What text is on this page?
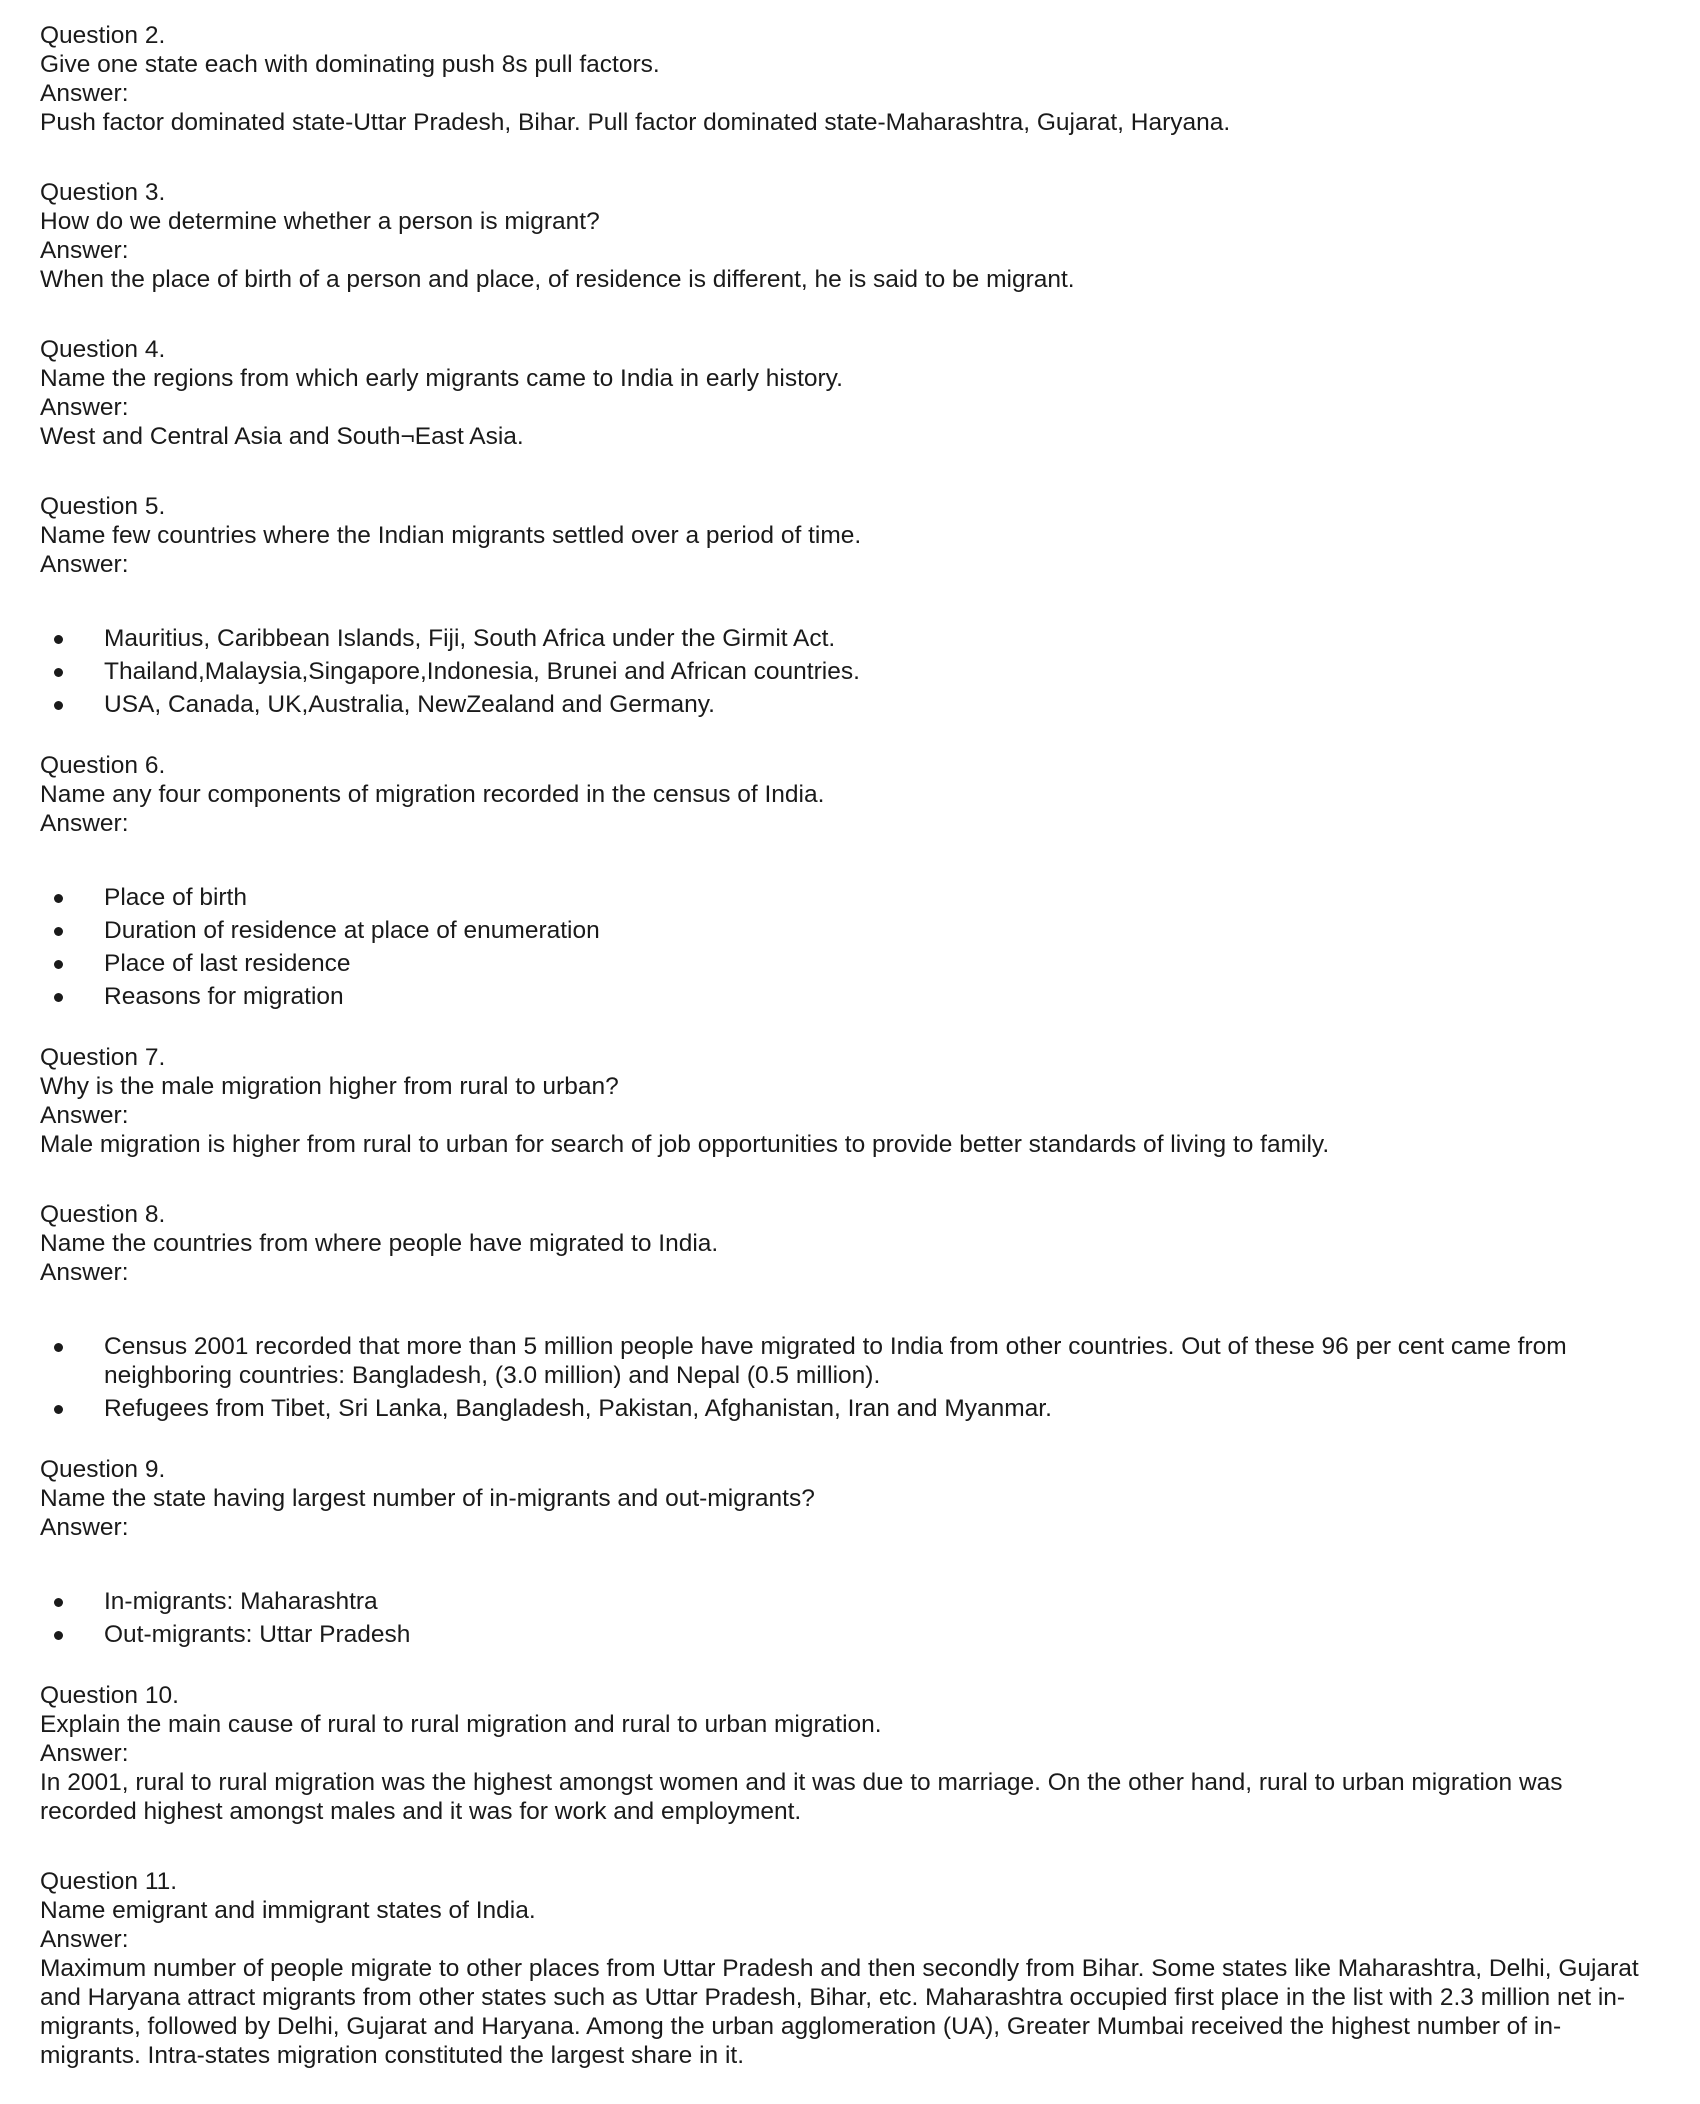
Question 2.

Give one state each with dominating push 8s pull factors.

Answer:

Push factor dominated state-Uttar Pradesh, Bihar. Pull factor dominated state-Maharashtra, Gujarat, Haryana.

Question 3.

How do we determine whether a person is migrant?

Answer:

When the place of birth of a person and place, of residence is different, he is said to be migrant.

Question 4.

Name the regions from which early migrants came to India in early history.

Answer:

West and Central Asia and South¬East Asia.

Question 5.

Name few countries where the Indian migrants settled over a period of time.

Answer:

Mauritius, Caribbean Islands, Fiji, South Africa under the Girmit Act.
Thailand,Malaysia,Singapore,Indonesia, Brunei and African countries.
USA, Canada, UK,Australia, NewZealand and Germany.

Question 6.

Name any four components of migration recorded in the census of India.

Answer:

Place of birth
Duration of residence at place of enumeration
Place of last residence
Reasons for migration

Question 7.

Why is the male migration higher from rural to urban?

Answer:

Male migration is higher from rural to urban for search of job opportunities to provide better standards of living to family.

Question 8.

Name the countries from where people have migrated to India.

Answer:

Census 2001 recorded that more than 5 million people have migrated to India from other countries. Out of these 96 per cent came from neighboring countries: Bangladesh, (3.0 million) and Nepal (0.5 million).
Refugees from Tibet, Sri Lanka, Bangladesh, Pakistan, Afghanistan, Iran and Myanmar.

Question 9.

Name the state having largest number of in-migrants and out-migrants?

Answer:

In-migrants: Maharashtra
Out-migrants: Uttar Pradesh

Question 10.

Explain the main cause of rural to rural migration and rural to urban migration.

Answer:

In 2001, rural to rural migration was the highest amongst women and it was due to marriage. On the other hand, rural to urban migration was recorded highest amongst males and it was for work and employment.

Question 11.

Name emigrant and immigrant states of India.

Answer:

Maximum number of people migrate to other places from Uttar Pradesh and then secondly from Bihar. Some states like Maharashtra, Delhi, Gujarat and Haryana attract migrants from other states such as Uttar Pradesh, Bihar, etc. Maharashtra occupied first place in the list with 2.3 million net in-migrants, followed by Delhi, Gujarat and Haryana. Among the urban agglomeration (UA), Greater Mumbai received the highest number of in-migrants. Intra-states migration constituted the largest share in it.
